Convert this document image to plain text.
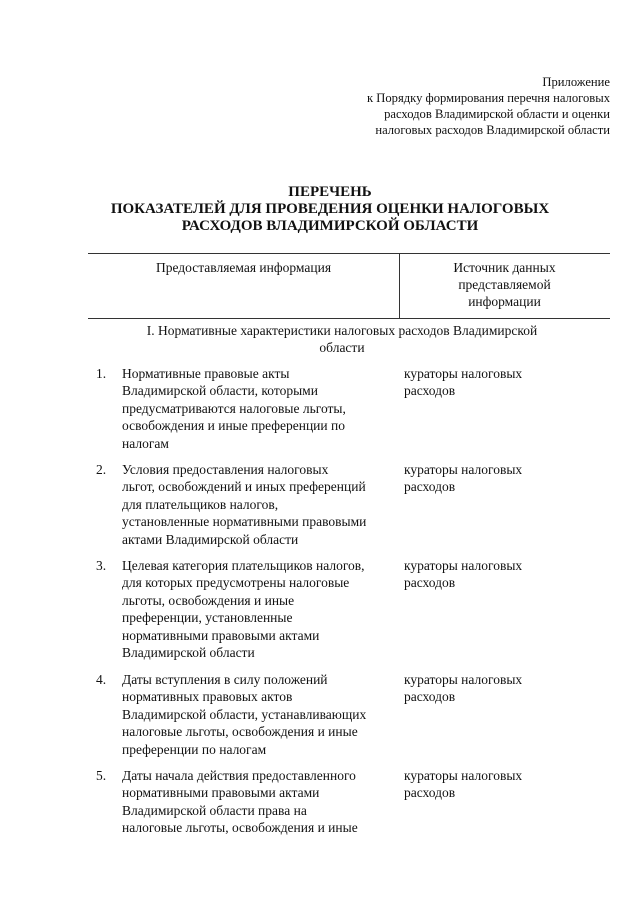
Приложение
к Порядку формирования перечня налоговых
расходов Владимирской области и оценки
налоговых расходов Владимирской области
ПЕРЕЧЕНЬ
ПОКАЗАТЕЛЕЙ ДЛЯ ПРОВЕДЕНИЯ ОЦЕНКИ НАЛОГОВЫХ
РАСХОДОВ ВЛАДИМИРСКОЙ ОБЛАСТИ
Предоставляемая информация	Источник данных
представляемой
информации
I. Нормативные характеристики налоговых расходов Владимирской
области
1. Нормативные правовые акты
Владимирской области, которыми
предусматриваются налоговые льготы,
освобождения и иные преференции по
налогам
кураторы налоговых
расходов
2. Условия предоставления налоговых
льгот, освобождений и иных преференций
для плательщиков налогов,
установленные нормативными правовыми
актами Владимирской области
кураторы налоговых
расходов
3. Целевая категория плательщиков налогов,
для которых предусмотрены налоговые
льготы, освобождения и иные
преференции, установленные
нормативными правовыми актами
Владимирской области
кураторы налоговых
расходов
4. Даты вступления в силу положений
нормативных правовых актов
Владимирской области, устанавливающих
налоговые льготы, освобождения и иные
преференции по налогам
кураторы налоговых
расходов
5. Даты начала действия предоставленного
нормативными правовыми актами
Владимирской области права на
налоговые льготы, освобождения и иные
кураторы налоговых
расходов
